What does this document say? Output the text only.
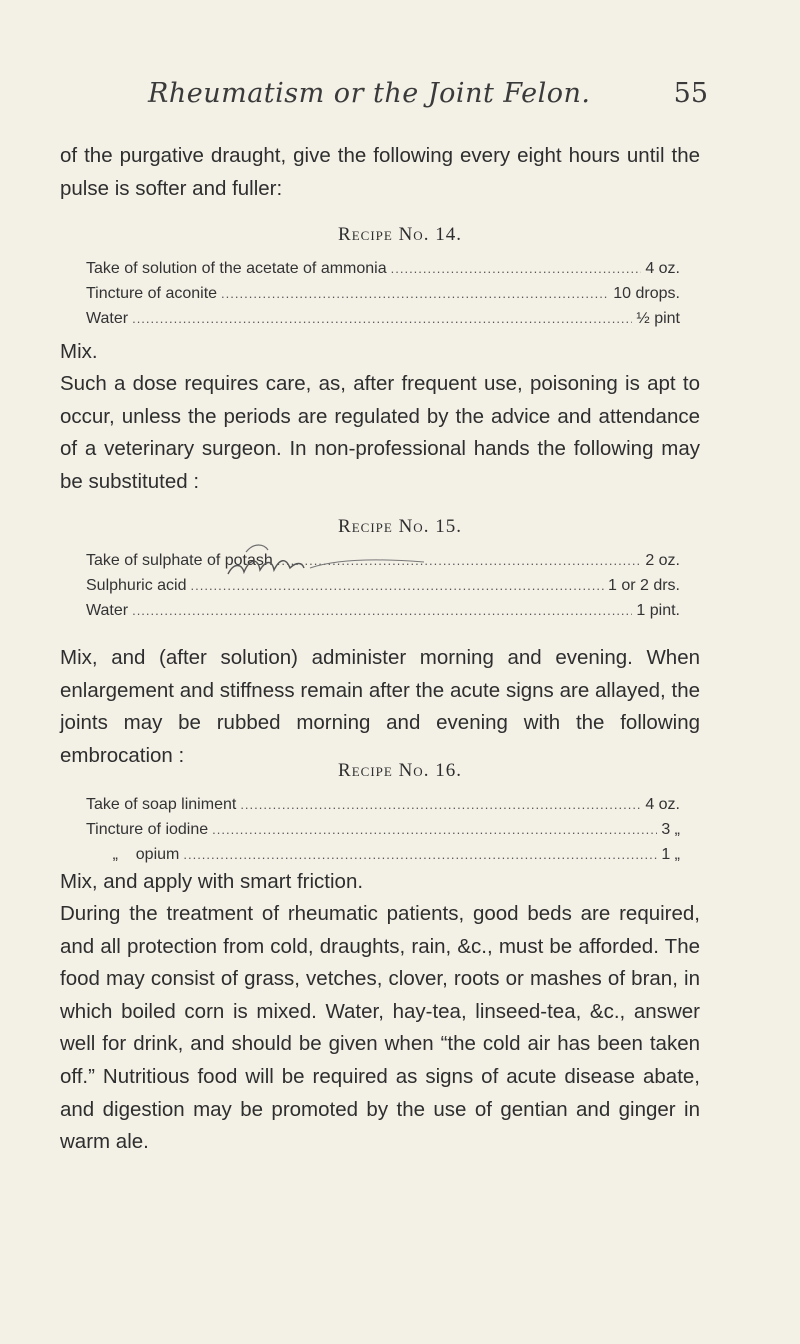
Rheumatism or the Joint Felon.	55

of the purgative draught, give the following every eight hours until the pulse is softer and fuller:

Recipe No. 14.
Take of solution of the acetate of ammonia .....	4 oz.
Tincture of aconite .....	10 drops.
Water .....	½ pint

Mix.

Such a dose requires care, as, after frequent use, poisoning is apt to occur, unless the periods are regulated by the advice and attendance of a veterinary surgeon. In non-professional hands the following may be substituted :

Recipe No. 15.
Take of sulphate of potash .....	2 oz.
Sulphuric acid .....	1 or 2 drs.
Water .....	1 pint.

Mix, and (after solution) administer morning and evening. When enlargement and stiffness remain after the acute signs are allayed, the joints may be rubbed morning and evening with the following embrocation :

Recipe No. 16.
Take of soap liniment .....	4 oz.
Tincture of iodine .....	3 „
„    opium .....	1 „

Mix, and apply with smart friction.

During the treatment of rheumatic patients, good beds are required, and all protection from cold, draughts, rain, &c., must be afforded. The food may consist of grass, vetches, clover, roots or mashes of bran, in which boiled corn is mixed. Water, hay-tea, linseed-tea, &c., answer well for drink, and should be given when “the cold air has been taken off.” Nutritious food will be required as signs of acute disease abate, and digestion may be promoted by the use of gentian and ginger in warm ale.
